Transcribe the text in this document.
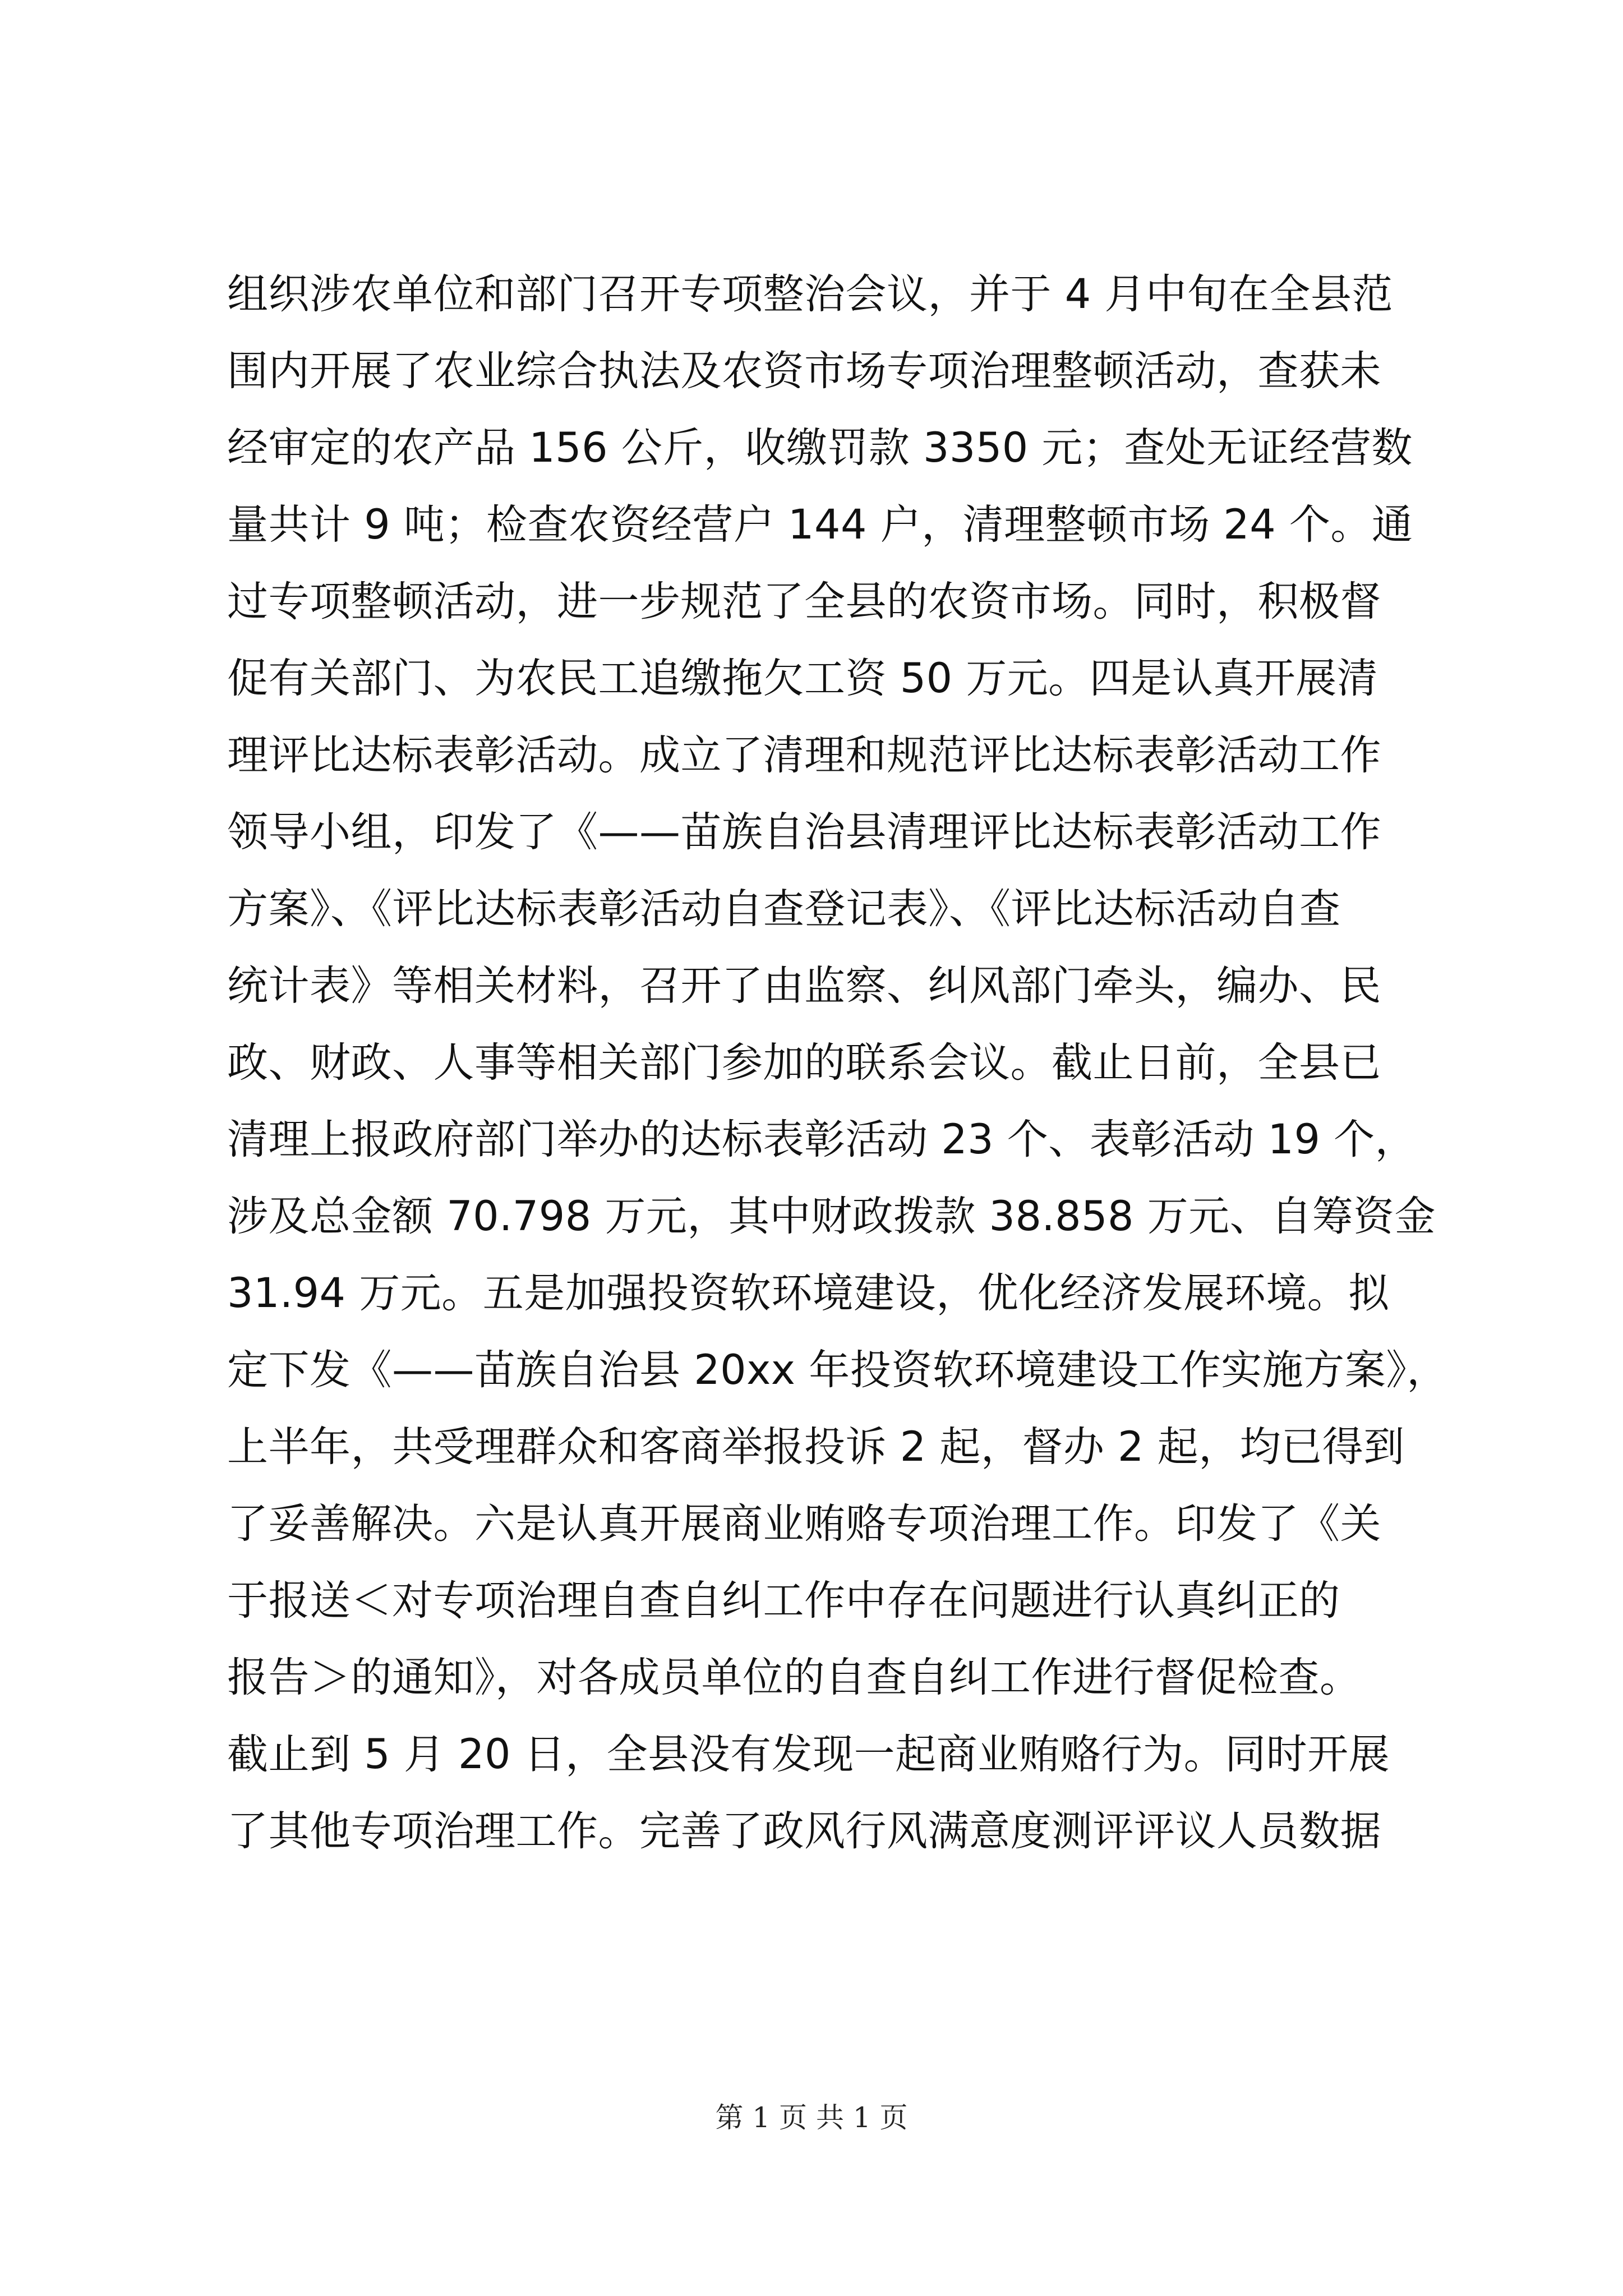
组织涉农单位和部门召开专项整治会议，并于 4 月中旬在全县范
围内开展了农业综合执法及农资市场专项治理整顿活动，查获未
经审定的农产品 156 公斤，收缴罚款 3350 元；查处无证经营数
量共计 9 吨；检查农资经营户 144 户，清理整顿市场 24 个。通
过专项整顿活动，进一步规范了全县的农资市场。同时，积极督
促有关部门、为农民工追缴拖欠工资 50 万元。四是认真开展清
理评比达标表彰活动。成立了清理和规范评比达标表彰活动工作
领导小组，印发了《——苗族自治县清理评比达标表彰活动工作
方案》、《评比达标表彰活动自查登记表》、《评比达标活动自查
统计表》等相关材料，召开了由监察、纠风部门牵头，编办、民
政、财政、人事等相关部门参加的联系会议。截止日前，全县已
清理上报政府部门举办的达标表彰活动 23 个、表彰活动 19 个，
涉及总金额 70.798 万元，其中财政拨款 38.858 万元、自筹资金
31.94 万元。五是加强投资软环境建设，优化经济发展环境。拟
定下发《——苗族自治县 20xx 年投资软环境建设工作实施方案》，
上半年，共受理群众和客商举报投诉 2 起，督办 2 起，均已得到
了妥善解决。六是认真开展商业贿赂专项治理工作。印发了《关
于报送＜对专项治理自查自纠工作中存在问题进行认真纠正的
报告＞的通知》，对各成员单位的自查自纠工作进行督促检查。
截止到 5 月 20 日，全县没有发现一起商业贿赂行为。同时开展
了其他专项治理工作。完善了政风行风满意度测评评议人员数据
第 1 页 共 1 页
